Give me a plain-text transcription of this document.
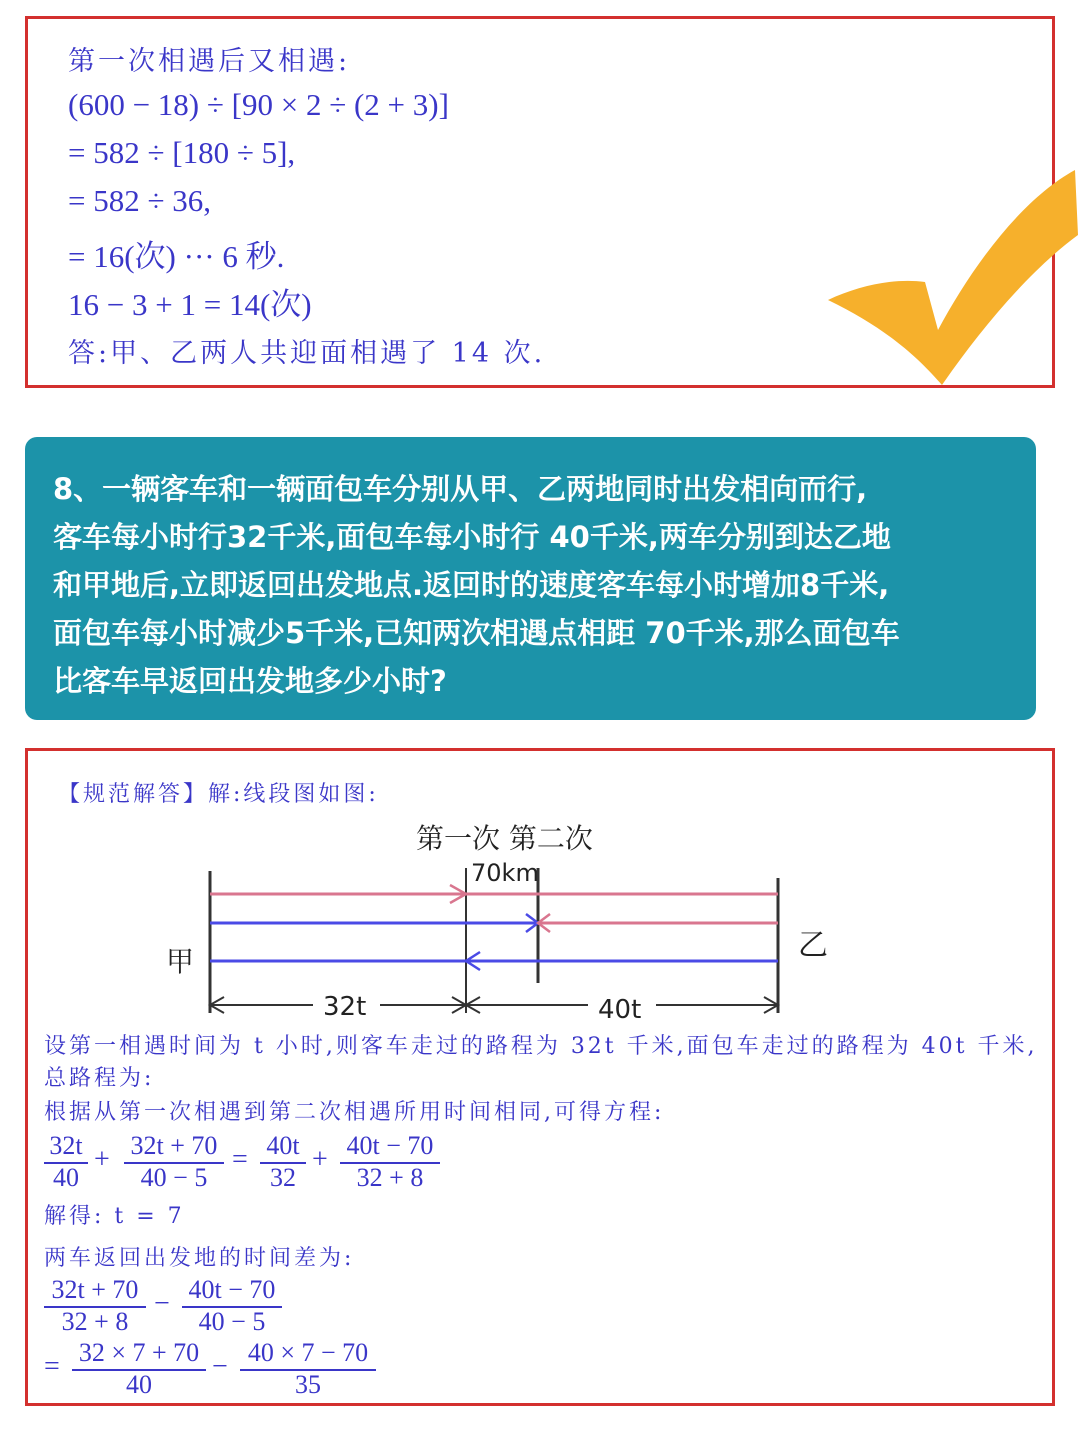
第一次相遇后又相遇:
(600 − 18) ÷ [90 × 2 ÷ (2 + 3)]
= 582 ÷ [180 ÷ 5],
= 582 ÷ 36,
= 16(次) ··· 6 秒.
16 − 3 + 1 = 14(次)
答:甲、乙两人共迎面相遇了 14 次.
8、一辆客车和一辆面包车分别从甲、乙两地同时出发相向而行,
客车每小时行32千米,面包车每小时行 40千米,两车分别到达乙地
和甲地后,立即返回出发地点.返回时的速度客车每小时增加8千米,
面包车每小时减少5千米,已知两次相遇点相距 70千米,那么面包车
比客车早返回出发地多少小时?
【规范解答】解:线段图如图:
第一次 第二次
70km
甲	乙
32t	40t
设第一相遇时间为 t 小时,则客车走过的路程为 32t 千米,面包车走过的路程为 40t 千米,
总路程为:
根据从第一次相遇到第二次相遇所用时间相同,可得方程:
32t
40
+ 32t + 70
40 − 5
= 40t
32
+ 40t − 70
32 + 8
解得: t = 7
两车返回出发地的时间差为:
32t + 70
32 + 8
− 40t − 70
40 − 5
= 32 × 7 + 70
40
− 40 × 7 − 70
35
